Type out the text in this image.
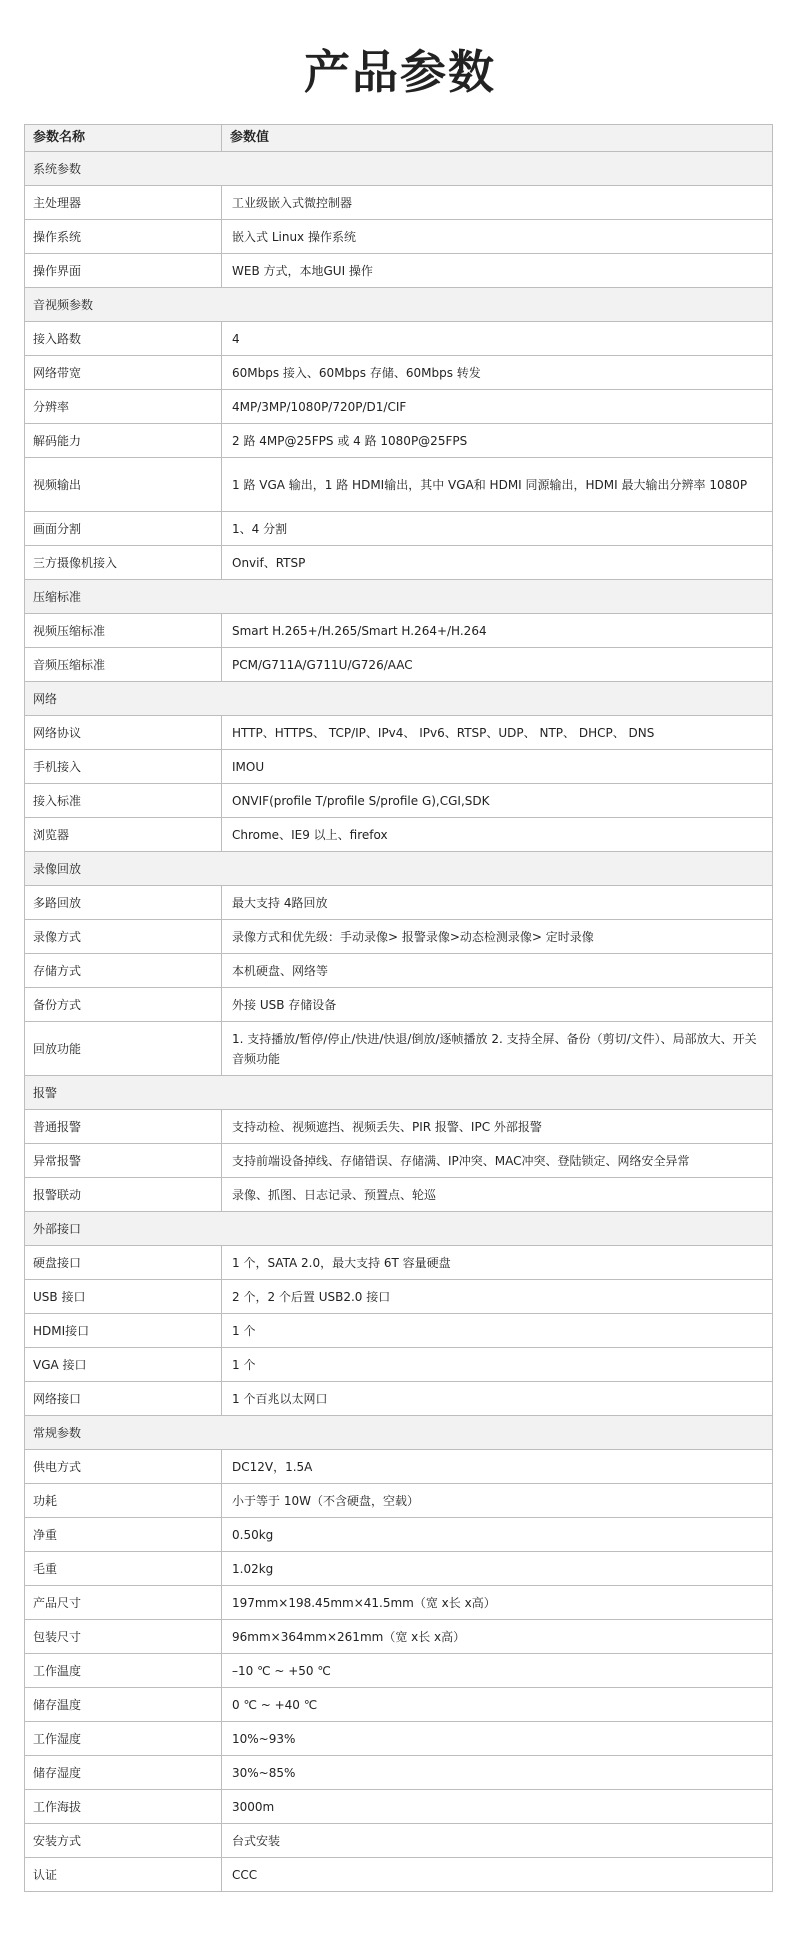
产品参数
参数名称	参数值
系统参数	
主处理器	工业级嵌入式微控制器
操作系统	嵌入式 Linux 操作系统
操作界面	WEB 方式，本地GUI 操作
音视频参数	
接入路数	4
网络带宽	60Mbps 接入、60Mbps 存储、60Mbps 转发
分辨率	4MP/3MP/1080P/720P/D1/CIF
解码能力	2 路 4MP@25FPS 或 4 路 1080P@25FPS
视频输出	1 路 VGA 输出，1 路 HDMI输出，其中 VGA和 HDMI 同源输出，HDMI 最大输出分辨率 1080P
画面分割	1、4 分割
三方摄像机接入	Onvif、RTSP
压缩标准	
视频压缩标准	Smart H.265+/H.265/Smart H.264+/H.264
音频压缩标准	PCM/G711A/G711U/G726/AAC
网络	
网络协议	HTTP、HTTPS、 TCP/IP、IPv4、 IPv6、RTSP、UDP、 NTP、 DHCP、 DNS
手机接入	IMOU
接入标准	ONVIF(profile T/profile S/profile G),CGI,SDK
浏览器	Chrome、IE9 以上、firefox
录像回放	
多路回放	最大支持 4路回放
录像方式	录像方式和优先级：手动录像> 报警录像>动态检测录像> 定时录像
存储方式	本机硬盘、网络等
备份方式	外接 USB 存储设备
回放功能	1. 支持播放/暂停/停止/快进/快退/倒放/逐帧播放 2. 支持全屏、备份（剪切/文件）、局部放大、开关音频功能
报警	
普通报警	支持动检、视频遮挡、视频丢失、PIR 报警、IPC 外部报警
异常报警	支持前端设备掉线、存储错误、存储满、IP冲突、MAC冲突、登陆锁定、网络安全异常
报警联动	录像、抓图、日志记录、预置点、轮巡
外部接口	
硬盘接口	1 个，SATA 2.0，最大支持 6T 容量硬盘
USB 接口	2 个，2 个后置 USB2.0 接口
HDMI接口	1 个
VGA 接口	1 个
网络接口	1 个百兆以太网口
常规参数	
供电方式	DC12V，1.5A
功耗	小于等于 10W（不含硬盘，空载）
净重	0.50kg
毛重	1.02kg
产品尺寸	197mm×198.45mm×41.5mm（宽 x长 x高）
包装尺寸	96mm×364mm×261mm（宽 x长 x高）
工作温度	–10 ℃ ~ +50 ℃
储存温度	0 ℃ ~ +40 ℃
工作湿度	10%~93%
储存湿度	30%~85%
工作海拔	3000m
安装方式	台式安装
认证	CCC
